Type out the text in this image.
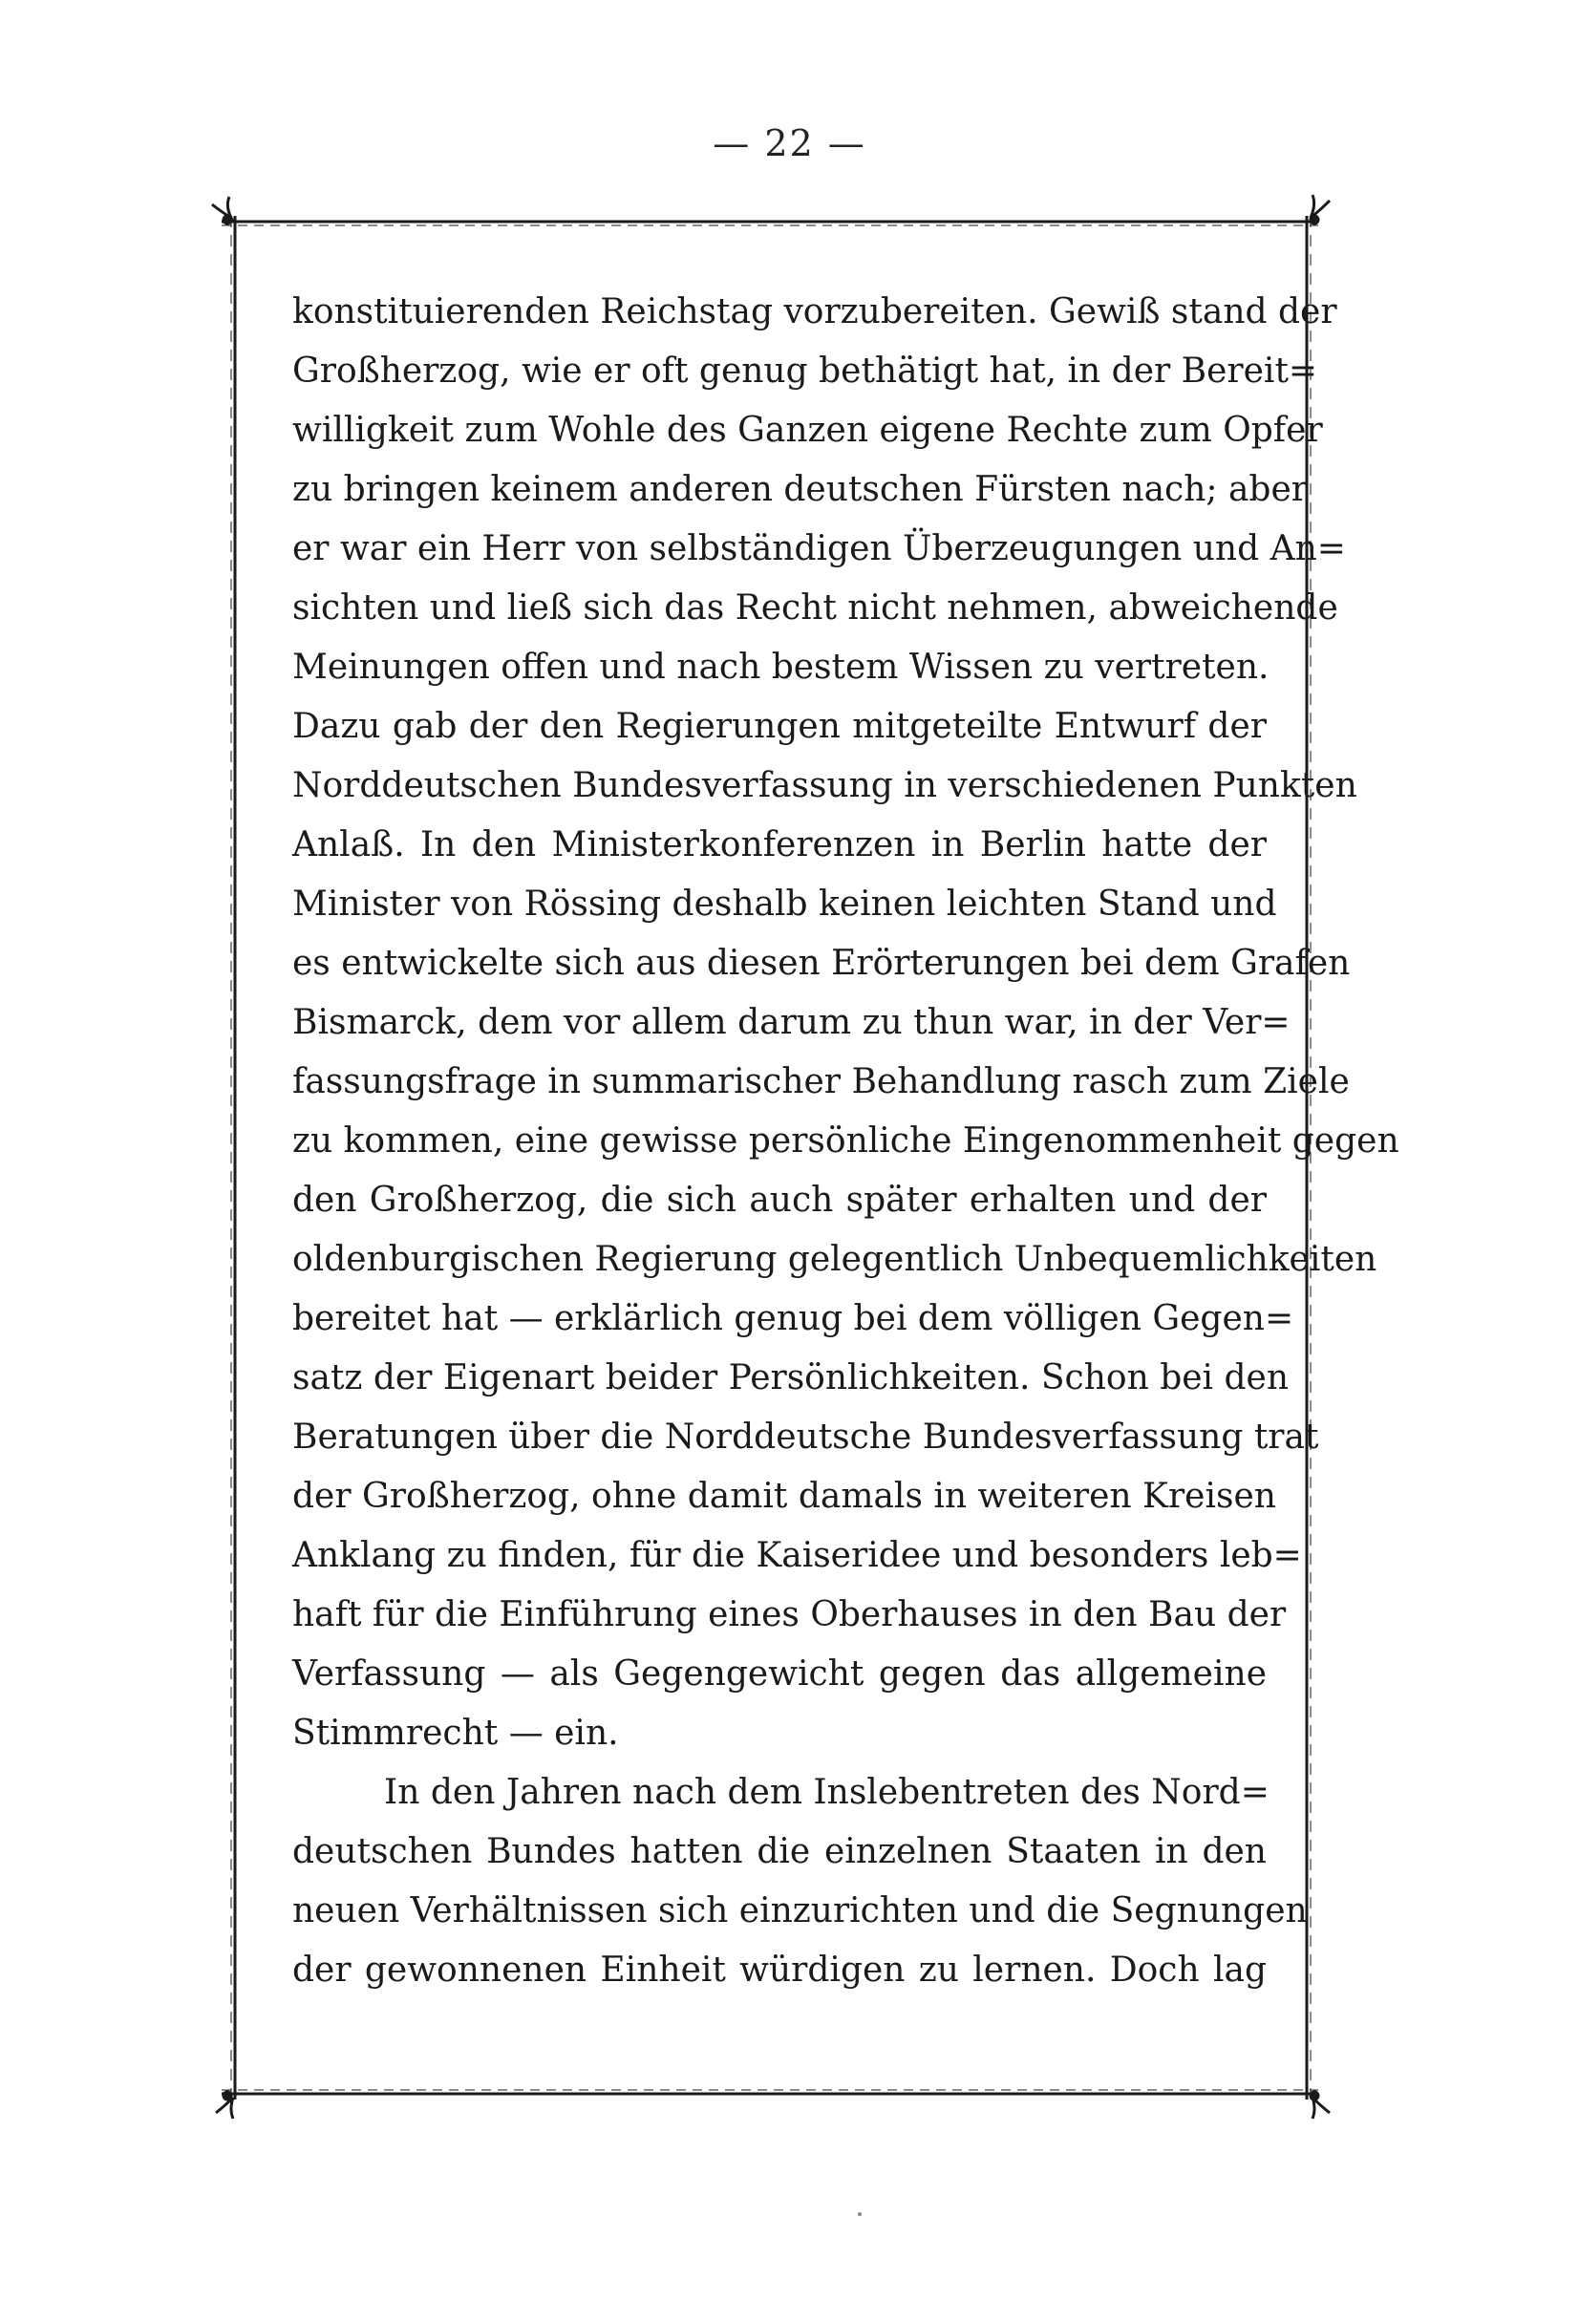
— 22 —
konstituierenden Reichstag vorzubereiten. Gewiß stand der
Großherzog, wie er oft genug bethätigt hat, in der Bereit=
willigkeit zum Wohle des Ganzen eigene Rechte zum Opfer
zu bringen keinem anderen deutschen Fürsten nach; aber
er war ein Herr von selbständigen Überzeugungen und An=
sichten und ließ sich das Recht nicht nehmen, abweichende
Meinungen offen und nach bestem Wissen zu vertreten.
Dazu gab der den Regierungen mitgeteilte Entwurf der
Norddeutschen Bundesverfassung in verschiedenen Punkten
Anlaß. In den Ministerkonferenzen in Berlin hatte der
Minister von Rössing deshalb keinen leichten Stand und
es entwickelte sich aus diesen Erörterungen bei dem Grafen
Bismarck, dem vor allem darum zu thun war, in der Ver=
fassungsfrage in summarischer Behandlung rasch zum Ziele
zu kommen, eine gewisse persönliche Eingenommenheit gegen
den Großherzog, die sich auch später erhalten und der
oldenburgischen Regierung gelegentlich Unbequemlichkeiten
bereitet hat — erklärlich genug bei dem völligen Gegen=
satz der Eigenart beider Persönlichkeiten. Schon bei den
Beratungen über die Norddeutsche Bundesverfassung trat
der Großherzog, ohne damit damals in weiteren Kreisen
Anklang zu finden, für die Kaiseridee und besonders leb=
haft für die Einführung eines Oberhauses in den Bau der
Verfassung — als Gegengewicht gegen das allgemeine
Stimmrecht — ein.
In den Jahren nach dem Inslebentreten des Nord=
deutschen Bundes hatten die einzelnen Staaten in den
neuen Verhältnissen sich einzurichten und die Segnungen
der gewonnenen Einheit würdigen zu lernen. Doch lag
